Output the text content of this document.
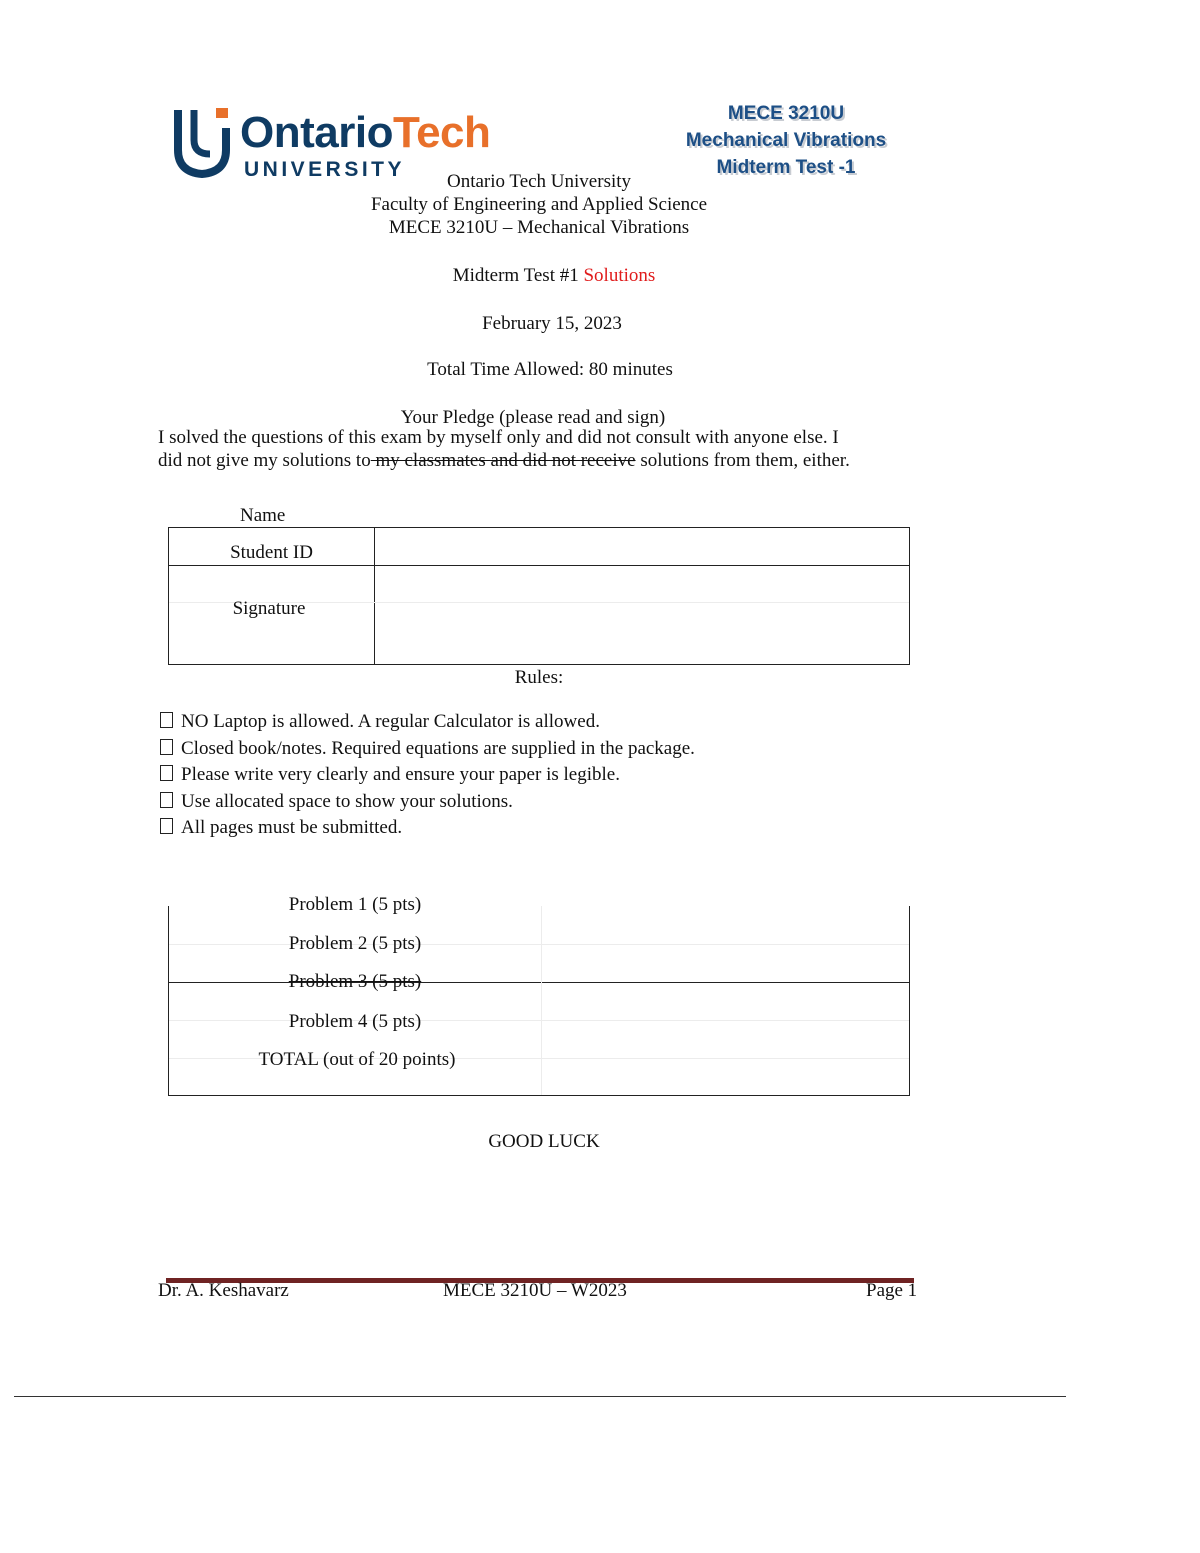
OntarioTech
UNIVERSITY
MECE 3210U
Mechanical Vibrations
Midterm Test -1
Ontario Tech University
Faculty of Engineering and Applied Science
MECE 3210U – Mechanical Vibrations
Midterm Test #1 Solutions
February 15, 2023
Total Time Allowed: 80 minutes
Your Pledge (please read and sign)
I solved the questions of this exam by myself only and did not consult with anyone else. I
did not give my solutions to my classmates and did not receive solutions from them, either.
Name
Student ID
Signature
Rules:
NO Laptop is allowed. A regular Calculator is allowed.
Closed book/notes. Required equations are supplied in the package.
Please write very clearly and ensure your paper is legible.
Use allocated space to show your solutions.
All pages must be submitted.
Problem 1 (5 pts)
Problem 2 (5 pts)
Problem 3 (5 pts)
Problem 4 (5 pts)
TOTAL (out of 20 points)
GOOD LUCK
Dr. A. Keshavarz	MECE 3210U – W2023	Page 1
